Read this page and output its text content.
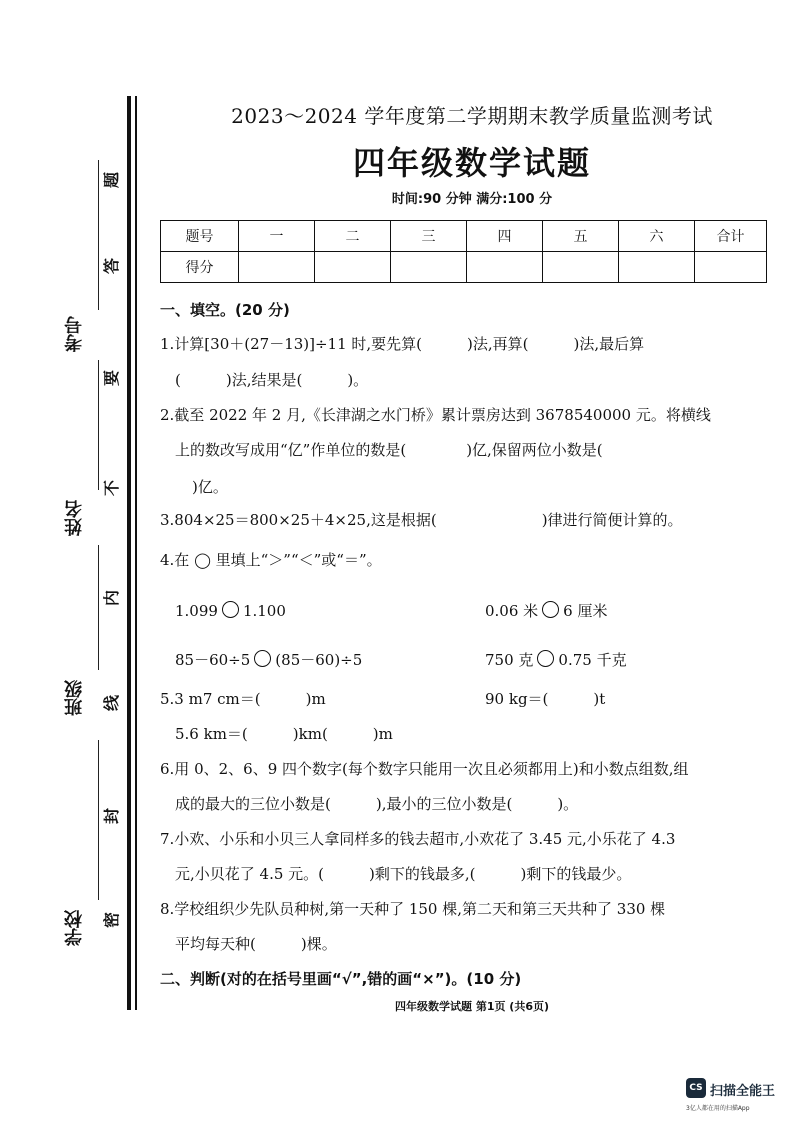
考号
姓名
班级
学校
题
答
要
不
内
线
封
密
2023～2024 学年度第二学期期末教学质量监测考试
四年级数学试题
时间:90 分钟 满分:100 分
题号	一	二	三	四	五	六	合计
得分							
一、填空。(20 分)
1.计算[30＋(27－13)]÷11 时,要先算(　　　)法,再算(　　　)法,最后算
(　　　)法,结果是(　　　)。
2.截至 2022 年 2 月,《长津湖之水门桥》累计票房达到 3678540000 元。将横线
上的数改写成用“亿”作单位的数是(　　　　)亿,保留两位小数是(
)亿。
3.804×25＝800×25＋4×25,这是根据(　　　　　　　)律进行简便计算的。
4.在 ◯ 里填上“＞”“＜”或“＝”。
1.099 1.100	0.06 米 6 厘米
85－60÷5 (85－60)÷5	750 克 0.75 千克
5.3 m7 cm＝(　　　)m	90 kg＝(　　　)t
5.6 km＝(　　　)km(　　　)m
6.用 0、2、6、9 四个数字(每个数字只能用一次且必须都用上)和小数点组数,组
成的最大的三位小数是(　　　),最小的三位小数是(　　　)。
7.小欢、小乐和小贝三人拿同样多的钱去超市,小欢花了 3.45 元,小乐花了 4.3
元,小贝花了 4.5 元。(　　　)剩下的钱最多,(　　　)剩下的钱最少。
8.学校组织少先队员种树,第一天种了 150 棵,第二天和第三天共种了 330 棵
平均每天种(　　　)棵。
二、判断(对的在括号里画“√”,错的画“×”)。(10 分)
四年级数学试题 第1页 (共6页)
CS 扫描全能王
3亿人都在用的扫描App
